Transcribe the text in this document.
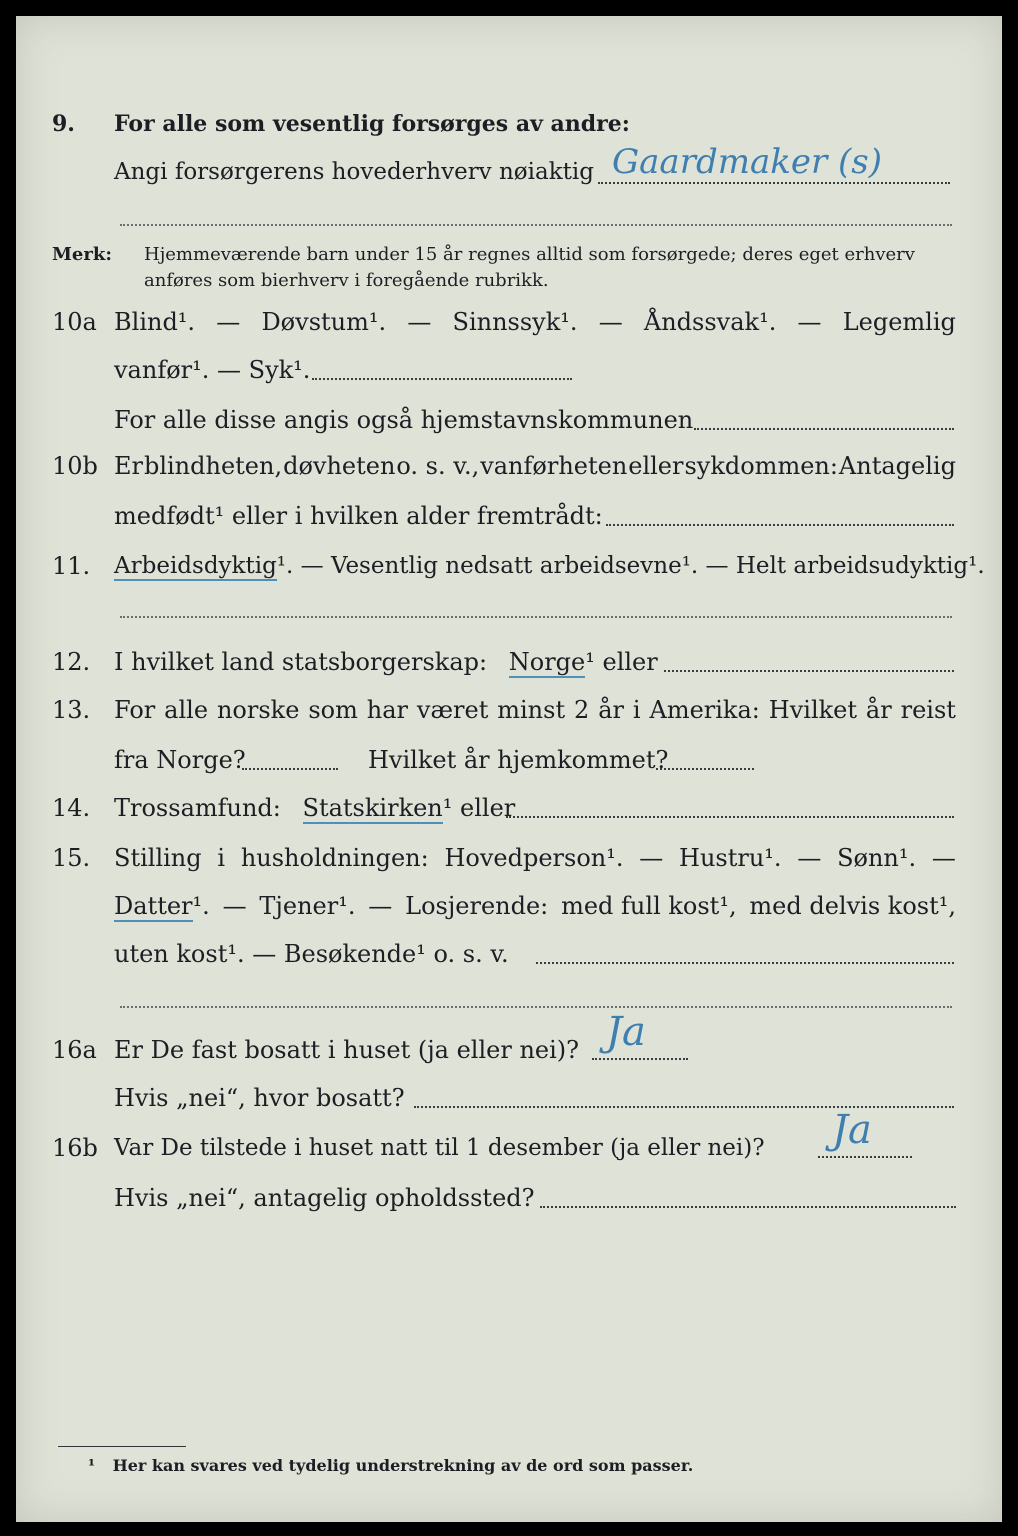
9. For alle som vesentlig forsørges av andre:
Angi forsørgerens hovederhverv nøiaktig Gaardmaker (s)
Merk: Hjemmeværende barn under 15 år regnes alltid som forsørgede; deres eget erhverv
anføres som bierhverv i foregående rubrikk.
10a Blind¹. — Døvstum¹. — Sinnssyk¹. — Åndssvak¹. — Legemlig
vanfør¹. — Syk¹.
For alle disse angis også hjemstavnskommunen
10b Er blindheten, døvheten o. s. v., vanførheten eller sykdommen: Antagelig
medfødt¹ eller i hvilken alder fremtrådt:
11. Arbeidsdyktig¹. — Vesentlig nedsatt arbeidsevne¹. — Helt arbeidsudyktig¹.
12. I hvilket land statsborgerskap: Norge¹ eller
13. For alle norske som har været minst 2 år i Amerika: Hvilket år reist
fra Norge?	Hvilket år hjemkommet?
14. Trossamfund: Statskirken¹ eller
15. Stilling i husholdningen: Hovedperson¹. — Hustru¹. — Sønn¹. —
Datter¹. — Tjener¹. — Losjerende: med full kost¹, med delvis kost¹,
uten kost¹. — Besøkende¹ o. s. v.
16a Er De fast bosatt i huset (ja eller nei)? Ja
Hvis „nei“, hvor bosatt?
16b Var De tilstede i huset natt til 1 desember (ja eller nei)? Ja
Hvis „nei“, antagelig opholdssted?
¹ Her kan svares ved tydelig understrekning av de ord som passer.
